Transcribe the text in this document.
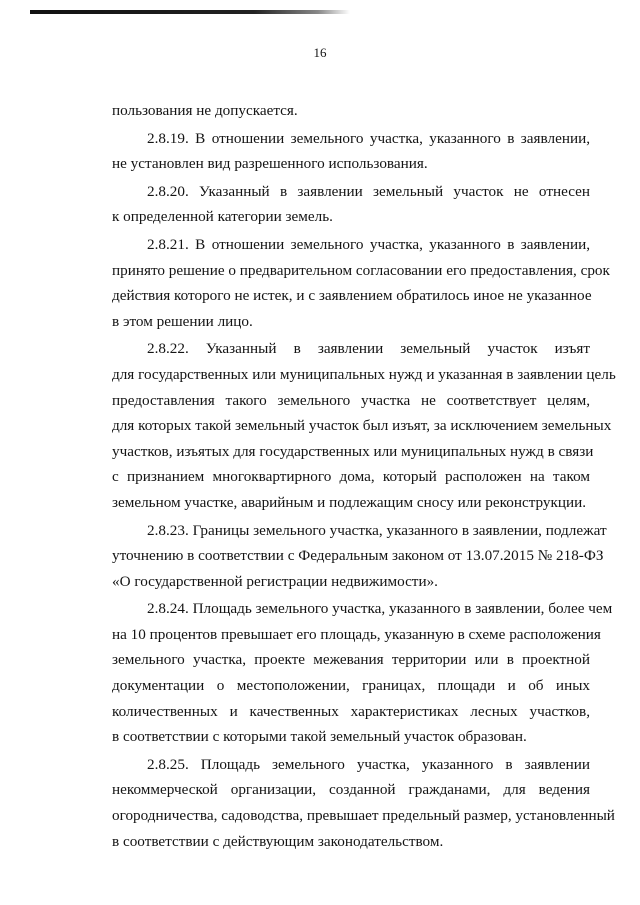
16
пользования не допускается.
2.8.19. В отношении земельного участка, указанного в заявлении,
не установлен вид разрешенного использования.
2.8.20. Указанный в заявлении земельный участок не отнесен
к определенной категории земель.
2.8.21. В отношении земельного участка, указанного в заявлении,
принято решение о предварительном согласовании его предоставления, срок
действия которого не истек, и с заявлением обратилось иное не указанное
в этом решении лицо.
2.8.22. Указанный в заявлении земельный участок изъят
для государственных или муниципальных нужд и указанная в заявлении цель
предоставления такого земельного участка не соответствует целям,
для которых такой земельный участок был изъят, за исключением земельных
участков, изъятых для государственных или муниципальных нужд в связи
с признанием многоквартирного дома, который расположен на таком
земельном участке, аварийным и подлежащим сносу или реконструкции.
2.8.23. Границы земельного участка, указанного в заявлении, подлежат
уточнению в соответствии с Федеральным законом от 13.07.2015 № 218-ФЗ
«О государственной регистрации недвижимости».
2.8.24. Площадь земельного участка, указанного в заявлении, более чем
на 10 процентов превышает его площадь, указанную в схеме расположения
земельного участка, проекте межевания территории или в проектной
документации о местоположении, границах, площади и об иных
количественных и качественных характеристиках лесных участков,
в соответствии с которыми такой земельный участок образован.
2.8.25. Площадь земельного участка, указанного в заявлении
некоммерческой организации, созданной гражданами, для ведения
огородничества, садоводства, превышает предельный размер, установленный
в соответствии с действующим законодательством.
